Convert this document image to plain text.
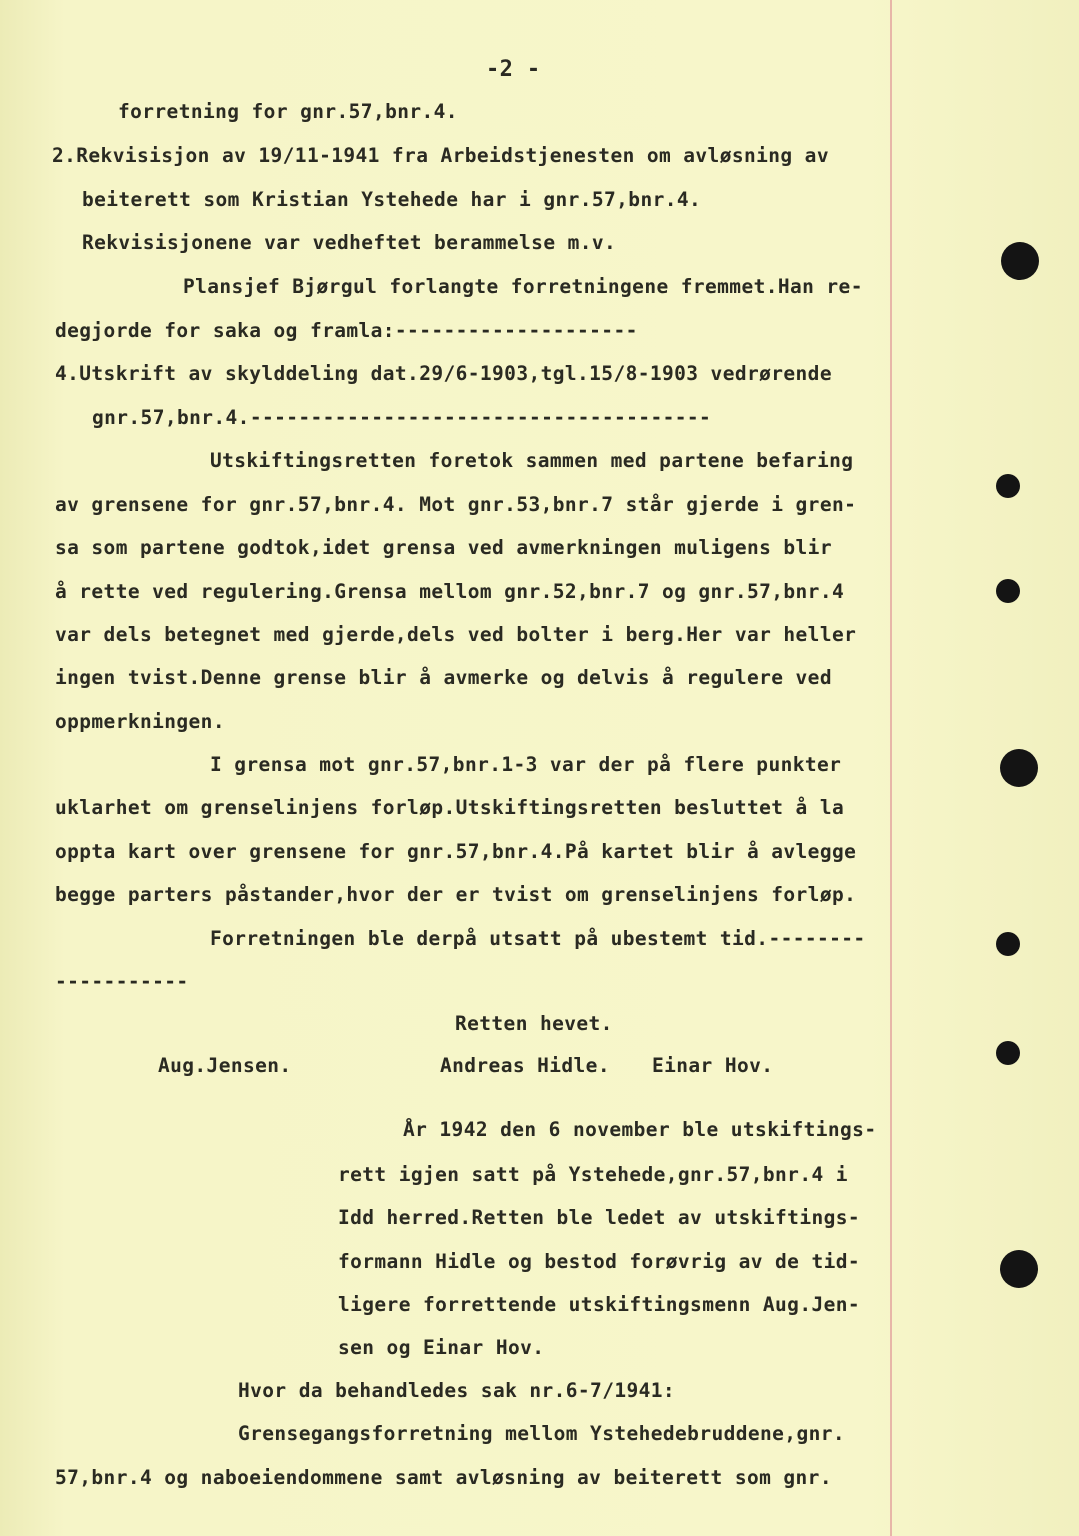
-2 -
forretning for gnr.57,bnr.4.
2.Rekvisisjon av 19/11-1941 fra Arbeidstjenesten om avløsning av
beiterett som Kristian Ystehede har i gnr.57,bnr.4.
Rekvisisjonene var vedheftet berammelse m.v.
Plansjef Bjørgul forlangte forretningene fremmet.Han re-
degjorde for saka og framla:--------------------
4.Utskrift av skylddeling dat.29/6-1903,tgl.15/8-1903 vedrørende
gnr.57,bnr.4.--------------------------------------
Utskiftingsretten foretok sammen med partene befaring
av grensene for gnr.57,bnr.4. Mot gnr.53,bnr.7 står gjerde i gren-
sa som partene godtok,idet grensa ved avmerkningen muligens blir
å rette ved regulering.Grensa mellom gnr.52,bnr.7 og gnr.57,bnr.4
var dels betegnet med gjerde,dels ved bolter i berg.Her var heller
ingen tvist.Denne grense blir å avmerke og delvis å regulere ved
oppmerkningen.
I grensa mot gnr.57,bnr.1-3 var der på flere punkter
uklarhet om grenselinjens forløp.Utskiftingsretten besluttet å la
oppta kart over grensene for gnr.57,bnr.4.På kartet blir å avlegge
begge parters påstander,hvor der er tvist om grenselinjens forløp.
Forretningen ble derpå utsatt på ubestemt tid.--------
-----------
Retten hevet.
Aug.Jensen.	Andreas Hidle. Einar Hov.
År 1942 den 6 november ble utskiftings-
rett igjen satt på Ystehede,gnr.57,bnr.4 i
Idd herred.Retten ble ledet av utskiftings-
formann Hidle og bestod forøvrig av de tid-
ligere forrettende utskiftingsmenn Aug.Jen-
sen og Einar Hov.
Hvor da behandledes sak nr.6-7/1941:
Grensegangsforretning mellom Ystehedebruddene,gnr.
57,bnr.4 og naboeiendommene samt avløsning av beiterett som gnr.
